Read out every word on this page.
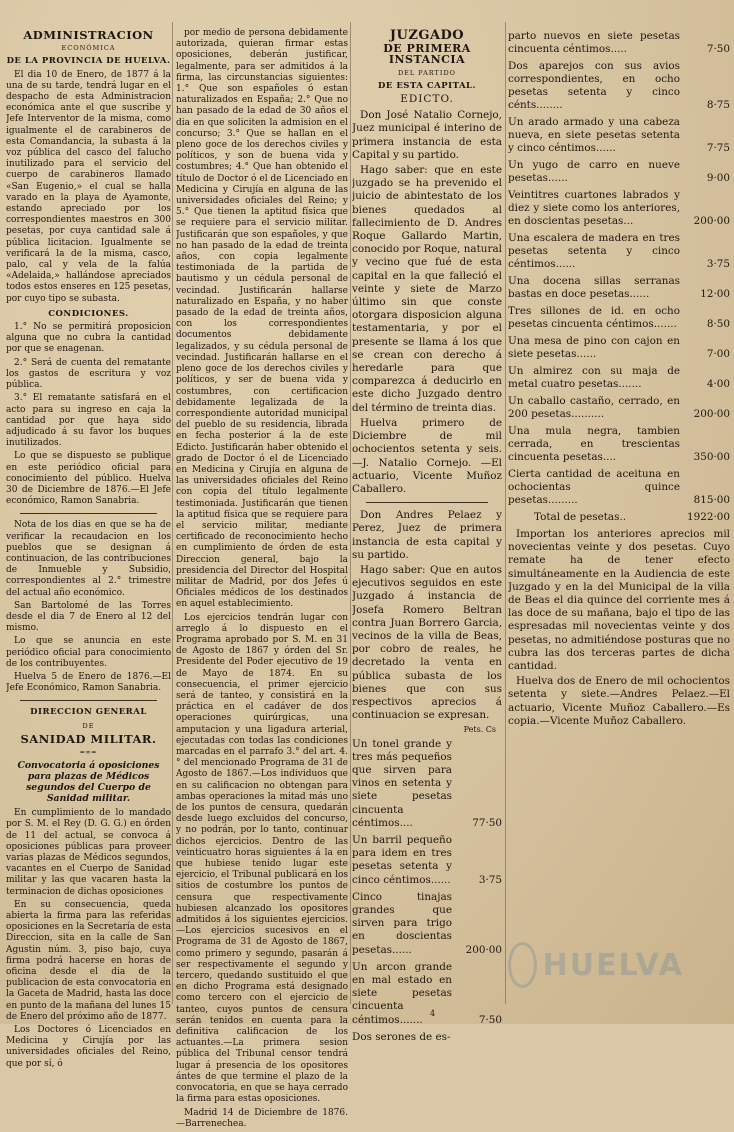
ADMINISTRACION
ECONÓMICA
DE LA PROVINCIA DE HUELVA.
El dia 10 de Enero, de 1877 á la una de su tarde, tendrá lugar en el despacho de esta Administracion económica ante el que suscribe y Jefe Interventor de la misma, como igualmente el de carabineros de esta Comandancia, la subasta á la voz pública del casco del falucho inutilizado para el servicio del cuerpo de carabineros llamado «San Eugenio,» el cual se halla varado en la playa de Ayamonte, estando apreciado por los correspondientes maestros en 300 pesetas, por cuya cantidad sale á pública licitacion. Igualmente se verificará la de la misma, casco, palo, cal y vela de la falúa «Adelaida,» hallándose apreciados todos estos enseres en 125 pesetas, por cuyo tipo se subasta.
CONDICIONES.
1.° No se permitirá proposicion alguna que no cubra la cantidad por que se enagenan.
2.° Será de cuenta del rematante los gastos de escritura y voz pública.
3.° El rematante satisfará en el acto para su ingreso en caja la cantidad por que haya sido adjudicado á su favor los buques inutilizados.
Lo que se dispuesto se publique en este periódico oficial para conocimiento del público. Huelva 30 de Diciembre de 1876.—El Jefe económico, Ramon Sanabria.
Nota de los dias en que se ha de verificar la recaudacion en los pueblos que se designan á continuacion, de las contribuciones de Inmueble y Subsidio, correspondientes al 2.° trimestre del actual año económico.
San Bartolomé de las Torres desde el dia 7 de Enero al 12 del mismo.
Lo que se anuncia en este periódico oficial para conocimiento de los contribuyentes.
Huelva 5 de Enero de 1876.—El Jefe Económico, Ramon Sanabria.
DIRECCION GENERAL
DE
SANIDAD MILITAR.
═∞═
Convocatoria á oposiciones para plazas de Médicos segundos del Cuerpo de Sanidad militar.
En cumplimiento de lo mandado por S. M. el Rey (D. G. G.) en órden de 11 del actual, se convoca á oposiciones públicas para proveer varias plazas de Médicos segundos, vacantes en el Cuerpo de Sanidad militar y las que vacaren hasta la terminacion de dichas oposiciones
En su consecuencia, queda abierta la firma para las referidas oposiciones en la Secretaría de esta Direccion, sita en la calle de San Agustin núm. 3, piso bajo, cuya firma podrá hacerse en horas de oficina desde el dia de la publicacion de esta convocatoria en la Gaceta de Madrid, hasta las doce en punto de la mañana del lunes 15 de Enero del próximo año de 1877.
Los Doctores ó Licenciados en Medicina y Cirujía por las universidades oficiales del Reino, que por sí, ó
por medio de persona debidamente autorizada, quieran firmar estas oposiciones, deberán justificar, legalmente, para ser admitidos á la firma, las circunstancias siguientes: 1.° Que son españoles ó estan naturalizados en España; 2.° Que no han pasado de la edad de 30 años el dia en que soliciten la admision en el concurso; 3.° Que se hallan en el pleno goce de los derechos civiles y políticos, y son de buena vida y costumbres; 4.° Que han obtenido el título de Doctor ó el de Licenciado en Medicina y Cirujía en alguna de las universidades oficiales del Reino; y 5.° Que tienen la aptitud física que se requiere para el servicio militar. Justificarán que son españoles, y que no han pasado de la edad de treinta años, con copia legalmente testimoniada de la partida de bautismo y un cédula personal de vecindad. Justificarán hallarse naturalizado en España, y no haber pasado de la edad de treinta años, con los correspondientes documentos debidamente legalizados, y su cédula personal de vecindad. Justificarán hallarse en el pleno goce de los derechos civiles y políticos, y ser de buena vida y costumbres, con certificacion debidamente legalizada de la correspondiente autoridad municipal del pueblo de su residencia, librada en fecha posterior á la de este Edicto. Justificarán haber obtenido el grado de Doctor ó el de Licenciado en Medicina y Cirujía en alguna de las universidades oficiales del Reino con copia del título legalmente testimoniada. Justificarán que tienen la aptitud física que se requiere para el servicio militar, mediante certificado de reconocimiento hecho en cumplimiento de órden de esta Direccion general, bajo la presidencia del Director del Hospital militar de Madrid, por dos Jefes ú Oficiales médicos de los destinados en aquel establecimiento.
Los ejercicios tendrán lugar con arreglo á lo dispuesto en el Programa aprobado por S. M. en 31 de Agosto de 1867 y órden del Sr. Presidente del Poder ejecutivo de 19 de Mayo de 1874. En su consecuencia, el primer ejercicio será de tanteo, y consistirá en la práctica en el cadáver de dos operaciones quirúrgicas, una amputacion y una ligadura arterial, ejecutadas con todas las condiciones marcadas en el parrafo 3.° del art. 4.° del mencionado Programa de 31 de Agosto de 1867.—Los individuos que en su calificacion no obtengan para ambas operaciones la mitad más uno de los puntos de censura, quedarán desde luego excluidos del concurso, y no podrán, por lo tanto, continuar dichos ejercicios. Dentro de las veinticuatro horas siguientes á la en que hubiese tenido lugar este ejercicio, el Tribunal publicará en los sitios de costumbre los puntos de censura que respectivamente hubiesen alcanzado los opositores admitidos á los siguientes ejercicios.—Los ejercicios sucesivos en el Programa de 31 de Agosto de 1867, como primero y segundo, pasarán á ser respectivamente el segundo y tercero, quedando sustituido el que en dicho Programa está designado como tercero con el ejercicio de tanteo, cuyos puntos de censura serán tenidos en cuenta para la definitiva calificacion de los actuantes.—La primera sesion pública del Tribunal censor tendrá lugar á presencia de los opositores ántes de que termine el plazo de la convocatoria, en que se haya cerrado la firma para estas oposiciones.
Madrid 14 de Diciembre de 1876. —Barrenechea.
JUZGADO
DE PRIMERA INSTANCIA
DEL PARTIDO
DE ESTA CAPITAL.
EDICTO.
Don José Natalio Cornejo, Juez municipal é interino de primera instancia de esta Capital y su partido.
Hago saber: que en este juzgado se ha prevenido el juicio de abintestato de los bienes quedados al fallecimiento de D. Andres Roque Gallardo Martin, conocido por Roque, natural y vecino que fué de esta capital en la que falleció el veinte y siete de Marzo último sin que conste otorgara disposicion alguna testamentaria, y por el presente se llama á los que se crean con derecho á heredarle para que comparezca á deducirlo en este dicho Juzgado dentro del término de treinta dias.
Huelva primero de Diciembre de mil ochocientos setenta y seis.—J. Natalio Cornejo. —El actuario, Vicente Muñoz Caballero.
Don Andres Pelaez y Perez, Juez de primera instancia de esta capital y su partido.
Hago saber: Que en autos ejecutivos seguidos en este Juzgado á instancia de Josefa Romero Beltran contra Juan Borrero Garcia, vecinos de la villa de Beas, por cobro de reales, he decretado la venta en pública subasta de los bienes que con sus respectivos aprecios á continuacion se expresan.
Pets. Cs
Un tonel grande y tres más pequeños que sirven para vinos en setenta y siete pesetas cincuenta céntimos....	77·50
Un barril pequeño para idem en tres pesetas setenta y cinco céntimos......	3·75
Cinco tinajas grandes que sirven para trigo en doscientas pesetas......	200·00
Un arcon grande en mal estado en siete pesetas cincuenta céntimos.......	7·50
Dos serones de es-
parto nuevos en siete pesetas cincuenta céntimos.....	7·50
Dos aparejos con sus avios correspondientes, en ocho pesetas setenta y cinco cénts........	8·75
Un arado armado y una cabeza nueva, en siete pesetas setenta y cinco céntimos......	7·75
Un yugo de carro en nueve pesetas......	9·00
Veintitres cuartones labrados y diez y siete como los anteriores, en doscientas pesetas...	200·00
Una escalera de madera en tres pesetas setenta y cinco céntimos......	3·75
Una docena sillas serranas bastas en doce pesetas......	12·00
Tres sillones de id. en ocho pesetas cincuenta céntimos.......	8·50
Una mesa de pino con cajon en siete pesetas......	7·00
Un almirez con su maja de metal cuatro pesetas.......	4·00
Un caballo castaño, cerrado, en 200 pesetas..........	200·00
Una mula negra, tambien cerrada, en trescientas cincuenta pesetas....	350·00
Cierta cantidad de aceituna en ochocientas quince pesetas.........	815·00
Total de pesetas..	1922·00
Importan los anteriores aprecios mil novecientas veinte y dos pesetas. Cuyo remate ha de tener efecto simultáneamente en la Audiencia de este Juzgado y en la del Municipal de la villa de Beas el dia quince del corriente mes á las doce de su mañana, bajo el tipo de las espresadas mil novecientas veinte y dos pesetas, no admitiéndose posturas que no cubra las dos terceras partes de dicha cantidad.
Huelva dos de Enero de mil ochocientos setenta y siete.—Andres Pelaez.—El actuario, Vicente Muñoz Caballero.—Es copia.—Vicente Muñoz Caballero.
HUELVA
4
